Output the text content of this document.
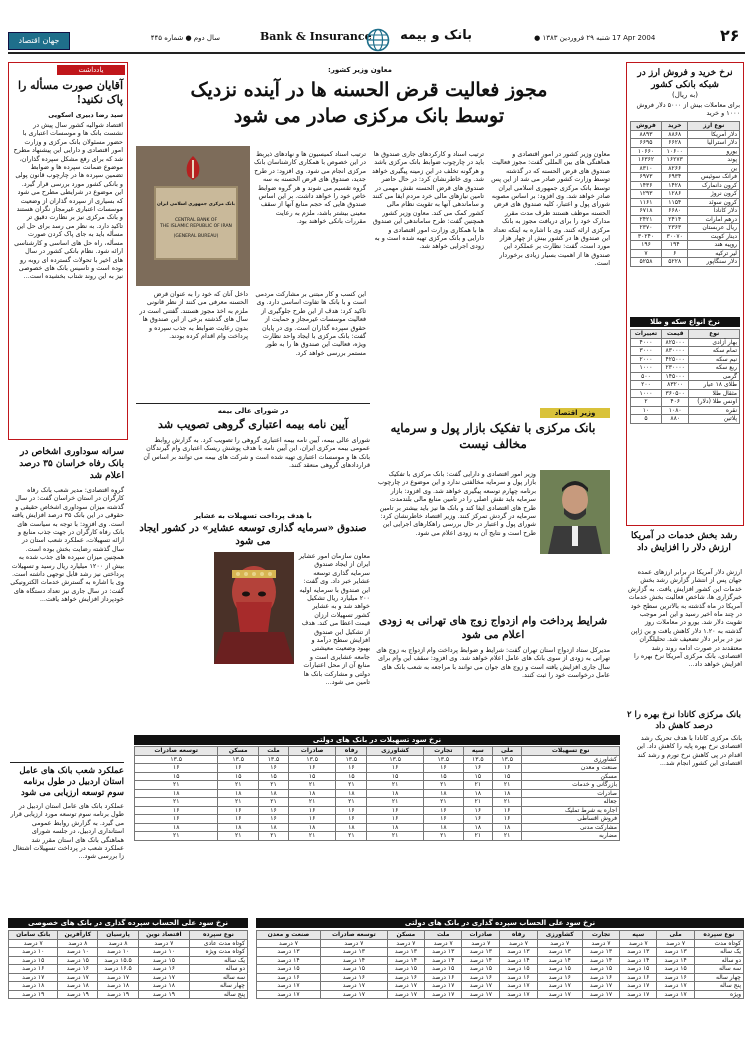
جهان اقتصاد	سال دوم ● شماره ۴۴۵	Bank & Insurance	بانک و بیمه	17 Apr 2004
شنبه ۲۹ فروردین ۱۳۸۳ ●	۲۶
یادداشت
آقایان صورت مسأله را پاک نکنید!
سید رضا دبیری اسکویی
اقتصاد شوالیه کشور سال پیش در نشست بانک ها و موسسات اعتباری با حضور مسئولان بانک مرکزی و وزارت امور اقتصادی و دارایی این پیشنهاد مطرح شد که برای رفع مشکل سپرده گذاران، موضوع ضمانت سپرده ها و ضوابط تضمین سپرده ها در چارچوب قانون پولی و بانکی کشور مورد بررسی قرار گیرد. این موضوع در شرایطی مطرح می شود که بسیاری از سپرده گذاران از وضعیت موسسات اعتباری غیرمجاز نگران هستند و بانک مرکزی نیز بر نظارت دقیق تر تاکید دارد. به نظر می رسد برای حل این مسأله باید به جای پاک کردن صورت مسأله، راه حل های اساسی و کارشناسی ارائه شود. نظام بانکی کشور در سال های اخیر با تحولات گسترده ای روبه رو بوده است و تاسیس بانک های خصوصی نیز به این روند شتاب بخشیده است...
سرانه سوداوری اشخاص در بانک رفاه خراسان ۳۵ درصد اعلام شد
گروه اقتصادی: مدیر شعب بانک رفاه کارگران در استان خراسان گفت: در سال گذشته میزان سوداوری اشخاص حقیقی و حقوقی در این بانک ۳۵ درصد افزایش یافته است. وی افزود: با توجه به سیاست های بانک رفاه کارگران در جهت جذب منابع و ارائه تسهیلات، عملکرد شعب استان در سال گذشته رضایت بخش بوده است. همچنین میزان سپرده های جذب شده به بیش از ۱۲۰۰ میلیارد ریال رسید و تسهیلات پرداختی نیز رشد قابل توجهی داشته است. وی با اشاره به گسترش خدمات الکترونیکی گفت: در سال جاری نیز تعداد دستگاه های خودپرداز افزایش خواهد یافت...
عملکرد شعب بانک های عامل استان اردبیل در طول برنامه سوم توسعه ارزیابی می شود
عملکرد بانک های عامل استان اردبیل در طول برنامه سوم توسعه مورد ارزیابی قرار می گیرد. به گزارش روابط عمومی استانداری اردبیل، در جلسه شورای هماهنگی بانک های استان مقرر شد عملکرد شعب در پرداخت تسهیلات اشتغال زا بررسی شود...
معاون وزیر کشور:
مجوز فعالیت قرض الحسنه ها در آینده نزدیک
توسط بانک مرکزی صادر می شود
معاون وزیر کشور در امور اقتصادی و هماهنگی های بین المللی گفت: مجوز فعالیت صندوق های قرض الحسنه که در گذشته توسط وزارت کشور صادر می شد از این پس توسط بانک مرکزی جمهوری اسلامی ایران صادر خواهد شد. وی افزود: بر اساس مصوبه شورای پول و اعتبار، کلیه صندوق های قرض الحسنه موظف هستند ظرف مدت مقرر مدارک خود را برای دریافت مجوز به بانک مرکزی ارائه کنند. وی با اشاره به اینکه تعداد این صندوق ها در کشور بیش از چهار هزار مورد است، گفت: نظارت بر عملکرد این صندوق ها از اهمیت بسیار زیادی برخوردار است.
ترتیب اسناد و کارکردهای جاری صندوق ها باید در چارچوب ضوابط بانک مرکزی باشد و هرگونه تخلف در این زمینه پیگیری خواهد شد. وی خاطرنشان کرد: در حال حاضر صندوق های قرض الحسنه نقش مهمی در تامین نیازهای مالی خرد مردم ایفا می کنند و ساماندهی آنها به تقویت نظام مالی کشور کمک می کند. معاون وزیر کشور همچنین گفت: طرح ساماندهی این صندوق ها با همکاری وزارت امور اقتصادی و دارایی و بانک مرکزی تهیه شده است و به زودی اجرایی خواهد شد.
ترتیب اسناد کمیسیون ها و نهادهای ذیربط در این خصوص با همکاری کارشناسان بانک مرکزی انجام می شود. وی افزود: در طرح جدید، صندوق های قرض الحسنه به سه گروه تقسیم می شوند و هر گروه ضوابط خاص خود را خواهد داشت. بر این اساس صندوق هایی که حجم منابع آنها از سقف معینی بیشتر باشد، ملزم به رعایت مقررات بانکی خواهند بود.
این کسب و کار مبتنی بر مشارکت مردمی است و با بانک ها تفاوت اساسی دارد. وی تاکید کرد: هدف از این طرح جلوگیری از فعالیت موسسات غیرمجاز و حمایت از حقوق سپرده گذاران است. وی در پایان گفت: بانک مرکزی با ایجاد واحد نظارت ویژه، فعالیت این صندوق ها را به طور مستمر بررسی خواهد کرد.
داخل آنان که خود را به عنوان قرض الحسنه معرفی می کنند از نظر قانونی ملزم به اخذ مجوز هستند. گفتنی است در سال های گذشته برخی از این صندوق ها بدون رعایت ضوابط به جذب سپرده و پرداخت وام اقدام کرده بودند.
بانک مرکزی جمهوری اسلامی ایران
CENTRAL BANK OF
THE ISLAMIC REPUBLIC OF IRAN
(GENERAL BUREAU)
در شورای عالی بیمه
آیین نامه بیمه اعتباری گروهی تصویب شد
شورای عالی بیمه، آیین نامه بیمه اعتباری گروهی را تصویب کرد. به گزارش روابط عمومی بیمه مرکزی ایران، این آیین نامه با هدف پوشش ریسک اعتباری وام گیرندگان بانک ها و موسسات اعتباری تهیه شده است و شرکت های بیمه می توانند بر اساس آن قراردادهای گروهی منعقد کنند.
با هدف پرداخت تسهیلات به عشایر
صندوق «سرمایه گذاری توسعه عشایر» در کشور ایجاد می شود
معاون سازمان امور عشایر ایران از ایجاد صندوق سرمایه گذاری توسعه عشایر خبر داد. وی گفت: این صندوق با سرمایه اولیه ۲۰۰ میلیارد ریال تشکیل خواهد شد و به عشایر کشور تسهیلات ارزان قیمت اعطا می کند. هدف از تشکیل این صندوق افزایش سطح درآمد و بهبود وضعیت معیشتی جامعه عشایری است و منابع آن از محل اعتبارات دولتی و مشارکت بانک ها تامین می شود...
وزیر اقتصاد
بانک مرکزی با تفکیک بازار پول و سرمایه مخالف نیست
وزیر امور اقتصادی و دارایی گفت: بانک مرکزی با تفکیک بازار پول و سرمایه مخالفتی ندارد و این موضوع در چارچوب برنامه چهارم توسعه پیگیری خواهد شد. وی افزود: بازار سرمایه باید نقش اصلی را در تامین منابع مالی بلندمدت طرح های اقتصادی ایفا کند و بانک ها نیز باید بیشتر بر تامین سرمایه در گردش تمرکز کنند. وزیر اقتصاد خاطرنشان کرد: شورای پول و اعتبار در حال بررسی راهکارهای اجرایی این طرح است و نتایج آن به زودی اعلام می شود.
شرایط پرداخت وام ازدواج زوج های تهرانی به زودی اعلام می شود
مدیرکل ستاد ازدواج استان تهران گفت: شرایط و ضوابط پرداخت وام ازدواج به زوج های تهرانی به زودی از سوی بانک های عامل اعلام خواهد شد. وی افزود: سقف این وام برای سال جاری افزایش یافته است و زوج های جوان می توانند با مراجعه به شعب بانک های عامل درخواست خود را ثبت کنند.
نرخ خرید و فروش ارز در شبکه بانکی کشور
(به ریال)
برای معاملات بیش از ۵۰۰۰ دلار فروش ۱۰۰۰ و خرید
نوع ارز	خرید	فروش
دلار آمریکا	۸۸۶۸	۸۸۹۳
دلار استرالیا	۶۶۲۸	۶۶۹۵
یورو	۱۰۶۰۰	۱۰۶۶۰
پوند	۱۶۲۷۳	۱۶۳۶۲
ین	۸۲۶۶	۸۳۱۰
فرانک سوئیس	۶۹۳۴	۶۹۷۳
کرون دانمارک	۱۴۲۸	۱۴۳۶
کرون نروژ	۱۲۸۶	۱۲۹۳
کرون سوئد	۱۱۵۴	۱۱۶۱
دلار کانادا	۶۶۸۰	۶۷۱۸
درهم امارات	۲۴۱۴	۲۴۲۱
ریال عربستان	۲۳۶۳	۲۳۷۰
دینار کویت	۳۰۰۷۰	۳۰۲۴۰
روپیه هند	۱۹۴	۱۹۶
لیر ترکیه	۶	۷
دلار سنگاپور	۵۲۲۸	۵۲۵۸
نرخ انواع سکه و طلا
نوع	قیمت	تغییرات
بهار آزادی	۸۲۵۰۰۰	۴۰۰۰
تمام سکه	۸۳۰۰۰۰	۳۰۰۰
نیم سکه	۴۲۵۰۰۰	۲۰۰۰
ربع سکه	۲۳۰۰۰۰	۱۰۰۰
گرمی	۱۴۵۰۰۰	۵۰۰
طلای ۱۸ عیار	۸۳۲۰۰	۲۰۰
مثقال طلا	۳۶۰۵۰۰	۱۰۰۰
اونس طلا (دلار)	۴۰۶	۲
نقره	۱۰۸۰	۱۰
پلاتین	۸۸۰	۵
رشد بخش خدمات در آمریکا ارزش دلار را افزایش داد
ارزش دلار آمریکا در برابر ارزهای عمده جهان پس از انتشار گزارش رشد بخش خدمات این کشور افزایش یافت. به گزارش خبرگزاری ها، شاخص فعالیت بخش خدمات آمریکا در ماه گذشته به بالاترین سطح خود در چند ماه اخیر رسید و این امر موجب تقویت دلار شد. یورو در معاملات روز گذشته به ۱.۲۰ دلار کاهش یافت و ین ژاپن نیز در برابر دلار تضعیف شد. تحلیلگران معتقدند در صورت ادامه روند رشد اقتصادی، بانک مرکزی آمریکا نرخ بهره را افزایش خواهد داد...
بانک مرکزی کانادا نرخ بهره را ۲ درصد کاهش داد
بانک مرکزی کانادا با هدف تحریک رشد اقتصادی نرخ بهره پایه را کاهش داد. این اقدام در پی کاهش نرخ تورم و رشد کند اقتصادی این کشور انجام شد...
نرخ سود تسهیلات در بانک های دولتی
نوع تسهیلات	ملی	سپه	تجارت	کشاورزی	رفاه	صادرات	ملت	مسکن	توسعه صادرات
کشاورزی	۱۳.۵	۱۳.۵	۱۳.۵	۱۳.۵	۱۳.۵	۱۳.۵	۱۳.۵	۱۳.۵	۱۳.۵
صنعت و معدن	۱۶	۱۶	۱۶	۱۶	۱۶	۱۶	۱۶	۱۶	۱۶
مسکن	۱۵	۱۵	۱۵	۱۵	۱۵	۱۵	۱۵	۱۵	۱۵
بازرگانی و خدمات	۲۱	۲۱	۲۱	۲۱	۲۱	۲۱	۲۱	۲۱	۲۱
صادرات	۱۸	۱۸	۱۸	۱۸	۱۸	۱۸	۱۸	۱۸	۱۸
جعاله	۲۱	۲۱	۲۱	۲۱	۲۱	۲۱	۲۱	۲۱	۲۱
اجاره به شرط تملیک	۱۶	۱۶	۱۶	۱۶	۱۶	۱۶	۱۶	۱۶	۱۶
فروش اقساطی	۱۶	۱۶	۱۶	۱۶	۱۶	۱۶	۱۶	۱۶	۱۶
مشارکت مدنی	۱۸	۱۸	۱۸	۱۸	۱۸	۱۸	۱۸	۱۸	۱۸
مضاربه	۲۱	۲۱	۲۱	۲۱	۲۱	۲۱	۲۱	۲۱	۲۱
نرخ سود علی الحساب سپرده گذاری در بانک های خصوصی
نوع سپرده	اقتصاد نوین	پارسیان	کارآفرین	بانک سامان
کوتاه مدت عادی	۷ درصد	۸ درصد	۸ درصد	۷ درصد
کوتاه مدت ویژه	۱۰ درصد	۱۰ درصد	۱۰ درصد	۱۰ درصد
یک ساله	۱۵ درصد	۱۵.۵ درصد	۱۵ درصد	۱۵ درصد
دو ساله	۱۶ درصد	۱۶.۵ درصد	۱۶ درصد	۱۶ درصد
سه ساله	۱۷ درصد	۱۷ درصد	۱۷ درصد	۱۷ درصد
چهار ساله	۱۸ درصد	۱۸ درصد	۱۸ درصد	۱۸ درصد
پنج ساله	۱۹ درصد	۱۹ درصد	۱۹ درصد	۱۹ درصد
نرخ سود علی الحساب سپرده گذاری در بانک های دولتی
نوع سپرده	ملی	سپه	تجارت	کشاورزی	رفاه	صادرات	ملت	مسکن	توسعه صادرات	صنعت و معدن
کوتاه مدت	۷ درصد	۷ درصد	۷ درصد	۷ درصد	۷ درصد	۷ درصد	۷ درصد	۷ درصد	۷ درصد	۷ درصد
یک ساله	۱۳ درصد	۱۳ درصد	۱۳ درصد	۱۳ درصد	۱۳ درصد	۱۳ درصد	۱۳ درصد	۱۳ درصد	۱۳ درصد	۱۳ درصد
دو ساله	۱۴ درصد	۱۴ درصد	۱۴ درصد	۱۴ درصد	۱۴ درصد	۱۴ درصد	۱۴ درصد	۱۴ درصد	۱۴ درصد	۱۴ درصد
سه ساله	۱۵ درصد	۱۵ درصد	۱۵ درصد	۱۵ درصد	۱۵ درصد	۱۵ درصد	۱۵ درصد	۱۵ درصد	۱۵ درصد	۱۵ درصد
چهار ساله	۱۶ درصد	۱۶ درصد	۱۶ درصد	۱۶ درصد	۱۶ درصد	۱۶ درصد	۱۶ درصد	۱۶ درصد	۱۶ درصد	۱۶ درصد
پنج ساله	۱۷ درصد	۱۷ درصد	۱۷ درصد	۱۷ درصد	۱۷ درصد	۱۷ درصد	۱۷ درصد	۱۷ درصد	۱۷ درصد	۱۷ درصد
ویژه	۱۷ درصد	۱۷ درصد	۱۷ درصد	۱۷ درصد	۱۷ درصد	۱۷ درصد	۱۷ درصد	۱۷ درصد	۱۷ درصد	۱۷ درصد
